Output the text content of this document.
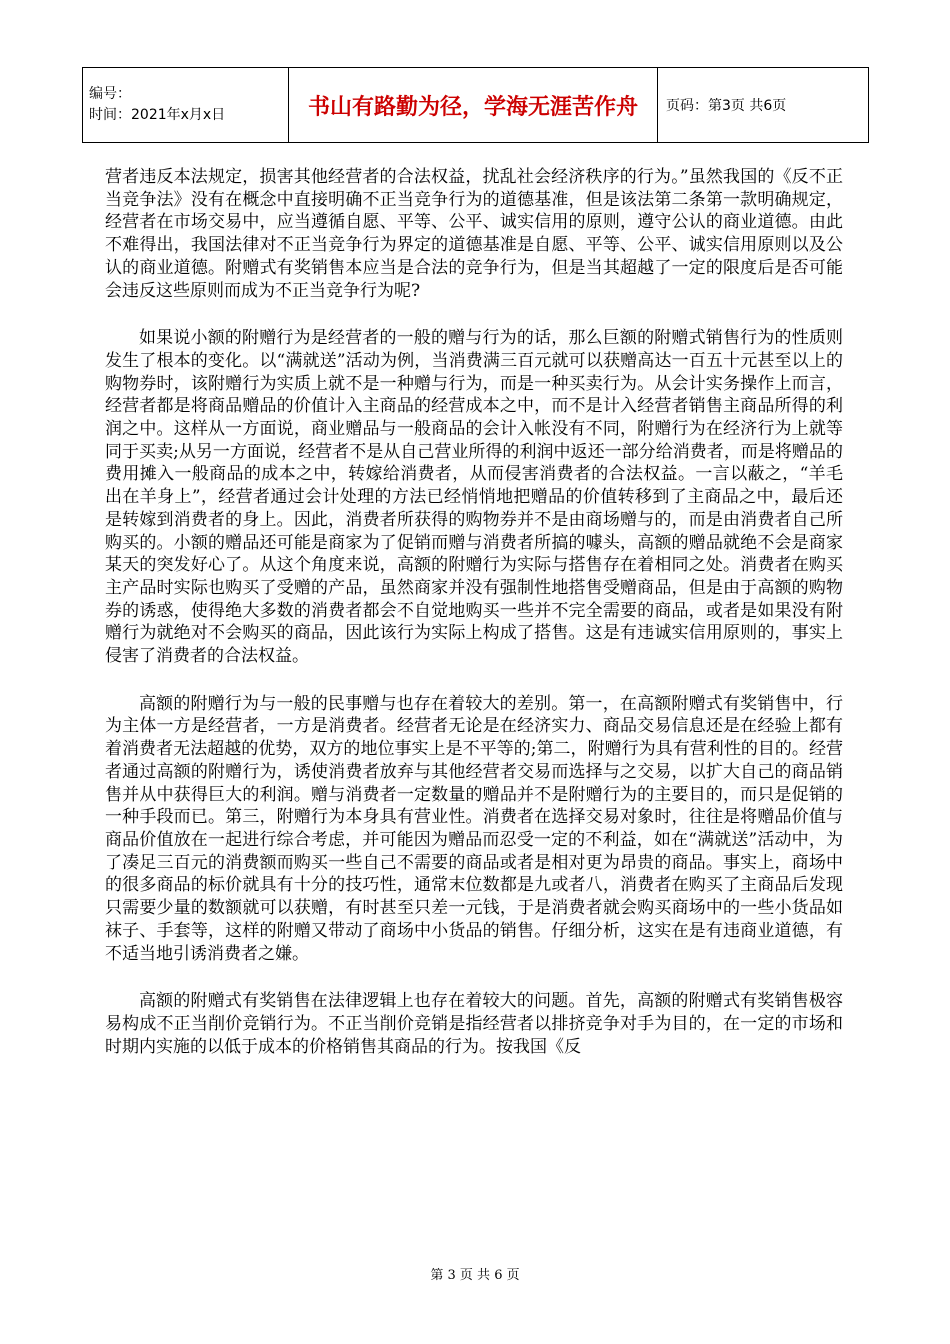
编号：
时间：2021年x月x日	书山有路勤为径，学海无涯苦作舟	页码：第3页 共6页

营者违反本法规定，损害其他经营者的合法权益，扰乱社会经济秩序的行为。”虽然我国的《反不正当竞争法》没有在概念中直接明确不正当竞争行为的道德基准，但是该法第二条第一款明确规定，经营者在市场交易中，应当遵循自愿、平等、公平、诚实信用的原则，遵守公认的商业道德。由此不难得出，我国法律对不正当竞争行为界定的道德基准是自愿、平等、公平、诚实信用原则以及公认的商业道德。附赠式有奖销售本应当是合法的竞争行为，但是当其超越了一定的限度后是否可能会违反这些原则而成为不正当竞争行为呢?

如果说小额的附赠行为是经营者的一般的赠与行为的话，那么巨额的附赠式销售行为的性质则发生了根本的变化。以“满就送”活动为例，当消费满三百元就可以获赠高达一百五十元甚至以上的购物券时，该附赠行为实质上就不是一种赠与行为，而是一种买卖行为。从会计实务操作上而言，经营者都是将商品赠品的价值计入主商品的经营成本之中，而不是计入经营者销售主商品所得的利润之中。这样从一方面说，商业赠品与一般商品的会计入帐没有不同，附赠行为在经济行为上就等同于买卖;从另一方面说，经营者不是从自己营业所得的利润中返还一部分给消费者，而是将赠品的费用摊入一般商品的成本之中，转嫁给消费者，从而侵害消费者的合法权益。一言以蔽之，“羊毛出在羊身上”，经营者通过会计处理的方法已经悄悄地把赠品的价值转移到了主商品之中，最后还是转嫁到消费者的身上。因此，消费者所获得的购物券并不是由商场赠与的，而是由消费者自己所购买的。小额的赠品还可能是商家为了促销而赠与消费者所搞的噱头，高额的赠品就绝不会是商家某天的突发好心了。从这个角度来说，高额的附赠行为实际与搭售存在着相同之处。消费者在购买主产品时实际也购买了受赠的产品，虽然商家并没有强制性地搭售受赠商品，但是由于高额的购物券的诱惑，使得绝大多数的消费者都会不自觉地购买一些并不完全需要的商品，或者是如果没有附赠行为就绝对不会购买的商品，因此该行为实际上构成了搭售。这是有违诚实信用原则的，事实上侵害了消费者的合法权益。

高额的附赠行为与一般的民事赠与也存在着较大的差别。第一，在高额附赠式有奖销售中，行为主体一方是经营者，一方是消费者。经营者无论是在经济实力、商品交易信息还是在经验上都有着消费者无法超越的优势，双方的地位事实上是不平等的;第二，附赠行为具有营利性的目的。经营者通过高额的附赠行为，诱使消费者放弃与其他经营者交易而选择与之交易，以扩大自己的商品销售并从中获得巨大的利润。赠与消费者一定数量的赠品并不是附赠行为的主要目的，而只是促销的一种手段而已。第三，附赠行为本身具有营业性。消费者在选择交易对象时，往往是将赠品价值与商品价值放在一起进行综合考虑，并可能因为赠品而忍受一定的不利益，如在“满就送”活动中，为了凑足三百元的消费额而购买一些自己不需要的商品或者是相对更为昂贵的商品。事实上，商场中的很多商品的标价就具有十分的技巧性，通常末位数都是九或者八，消费者在购买了主商品后发现只需要少量的数额就可以获赠，有时甚至只差一元钱，于是消费者就会购买商场中的一些小货品如袜子、手套等，这样的附赠又带动了商场中小货品的销售。仔细分析，这实在是有违商业道德，有不适当地引诱消费者之嫌。

高额的附赠式有奖销售在法律逻辑上也存在着较大的问题。首先，高额的附赠式有奖销售极容易构成不正当削价竞销行为。不正当削价竞销是指经营者以排挤竞争对手为目的，在一定的市场和时期内实施的以低于成本的价格销售其商品的行为。按我国《反

第 3 页 共 6 页
